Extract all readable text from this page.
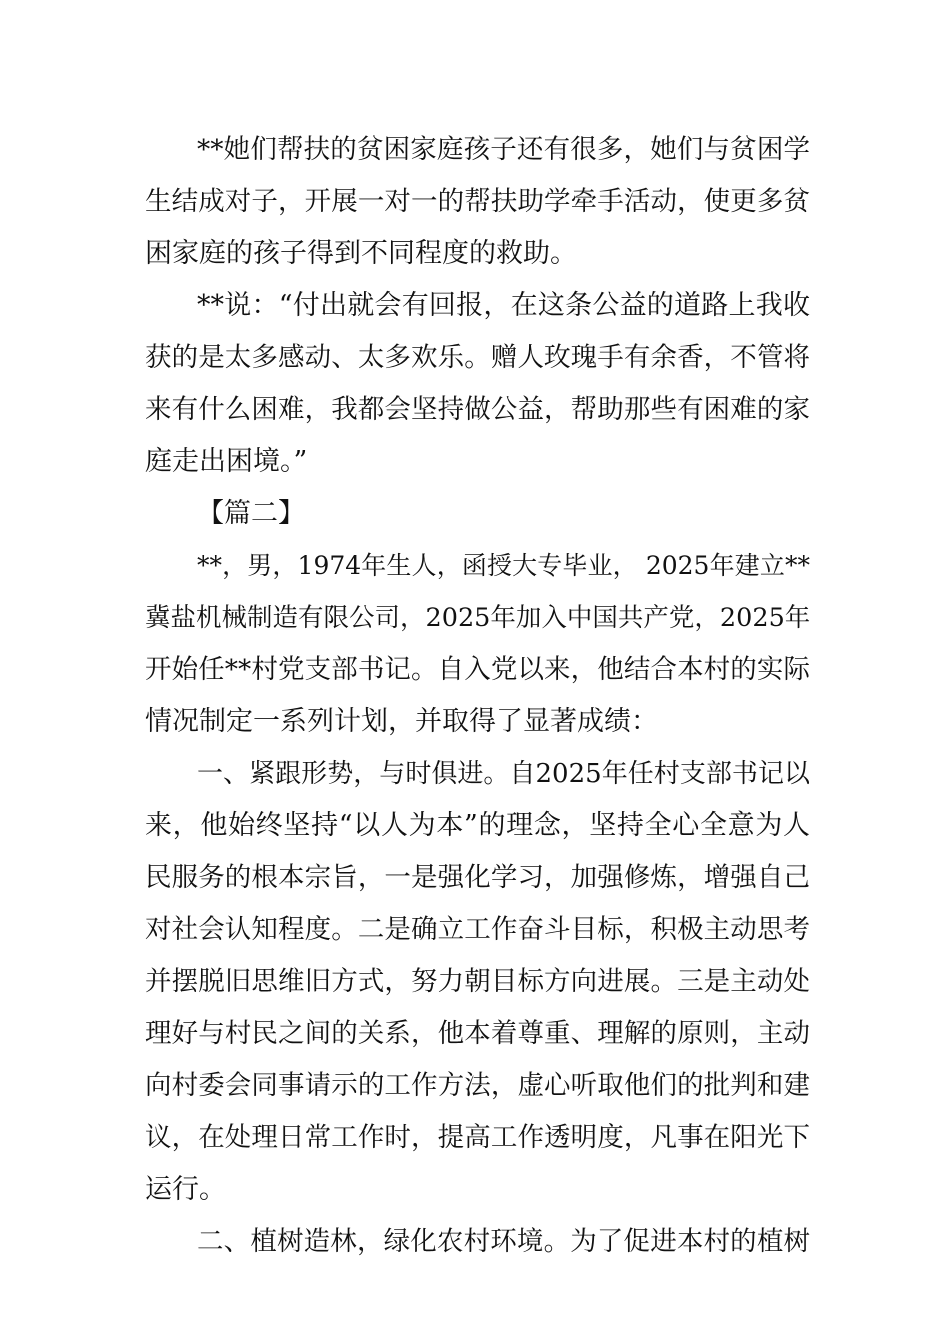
**她们帮扶的贫困家庭孩子还有很多，她们与贫困学
生结成对子，开展一对一的帮扶助学牵手活动，使更多贫
困家庭的孩子得到不同程度的救助。
**说：“付出就会有回报，在这条公益的道路上我收
获的是太多感动、太多欢乐。赠人玫瑰手有余香，不管将
来有什么困难，我都会坚持做公益，帮助那些有困难的家
庭走出困境。”
【篇二】
**，男，1974年生人，函授大专毕业， 2025年建立**
冀盐机械制造有限公司，2025年加入中国共产党，2025年
开始任**村党支部书记。自入党以来，他结合本村的实际
情况制定一系列计划，并取得了显著成绩：
一、紧跟形势，与时俱进。自2025年任村支部书记以
来，他始终坚持“以人为本”的理念，坚持全心全意为人
民服务的根本宗旨，一是强化学习，加强修炼，增强自己
对社会认知程度。二是确立工作奋斗目标，积极主动思考
并摆脱旧思维旧方式，努力朝目标方向进展。三是主动处
理好与村民之间的关系，他本着尊重、理解的原则，主动
向村委会同事请示的工作方法，虚心听取他们的批判和建
议，在处理日常工作时，提高工作透明度，凡事在阳光下
运行。
二、植树造林，绿化农村环境。为了促进本村的植树
